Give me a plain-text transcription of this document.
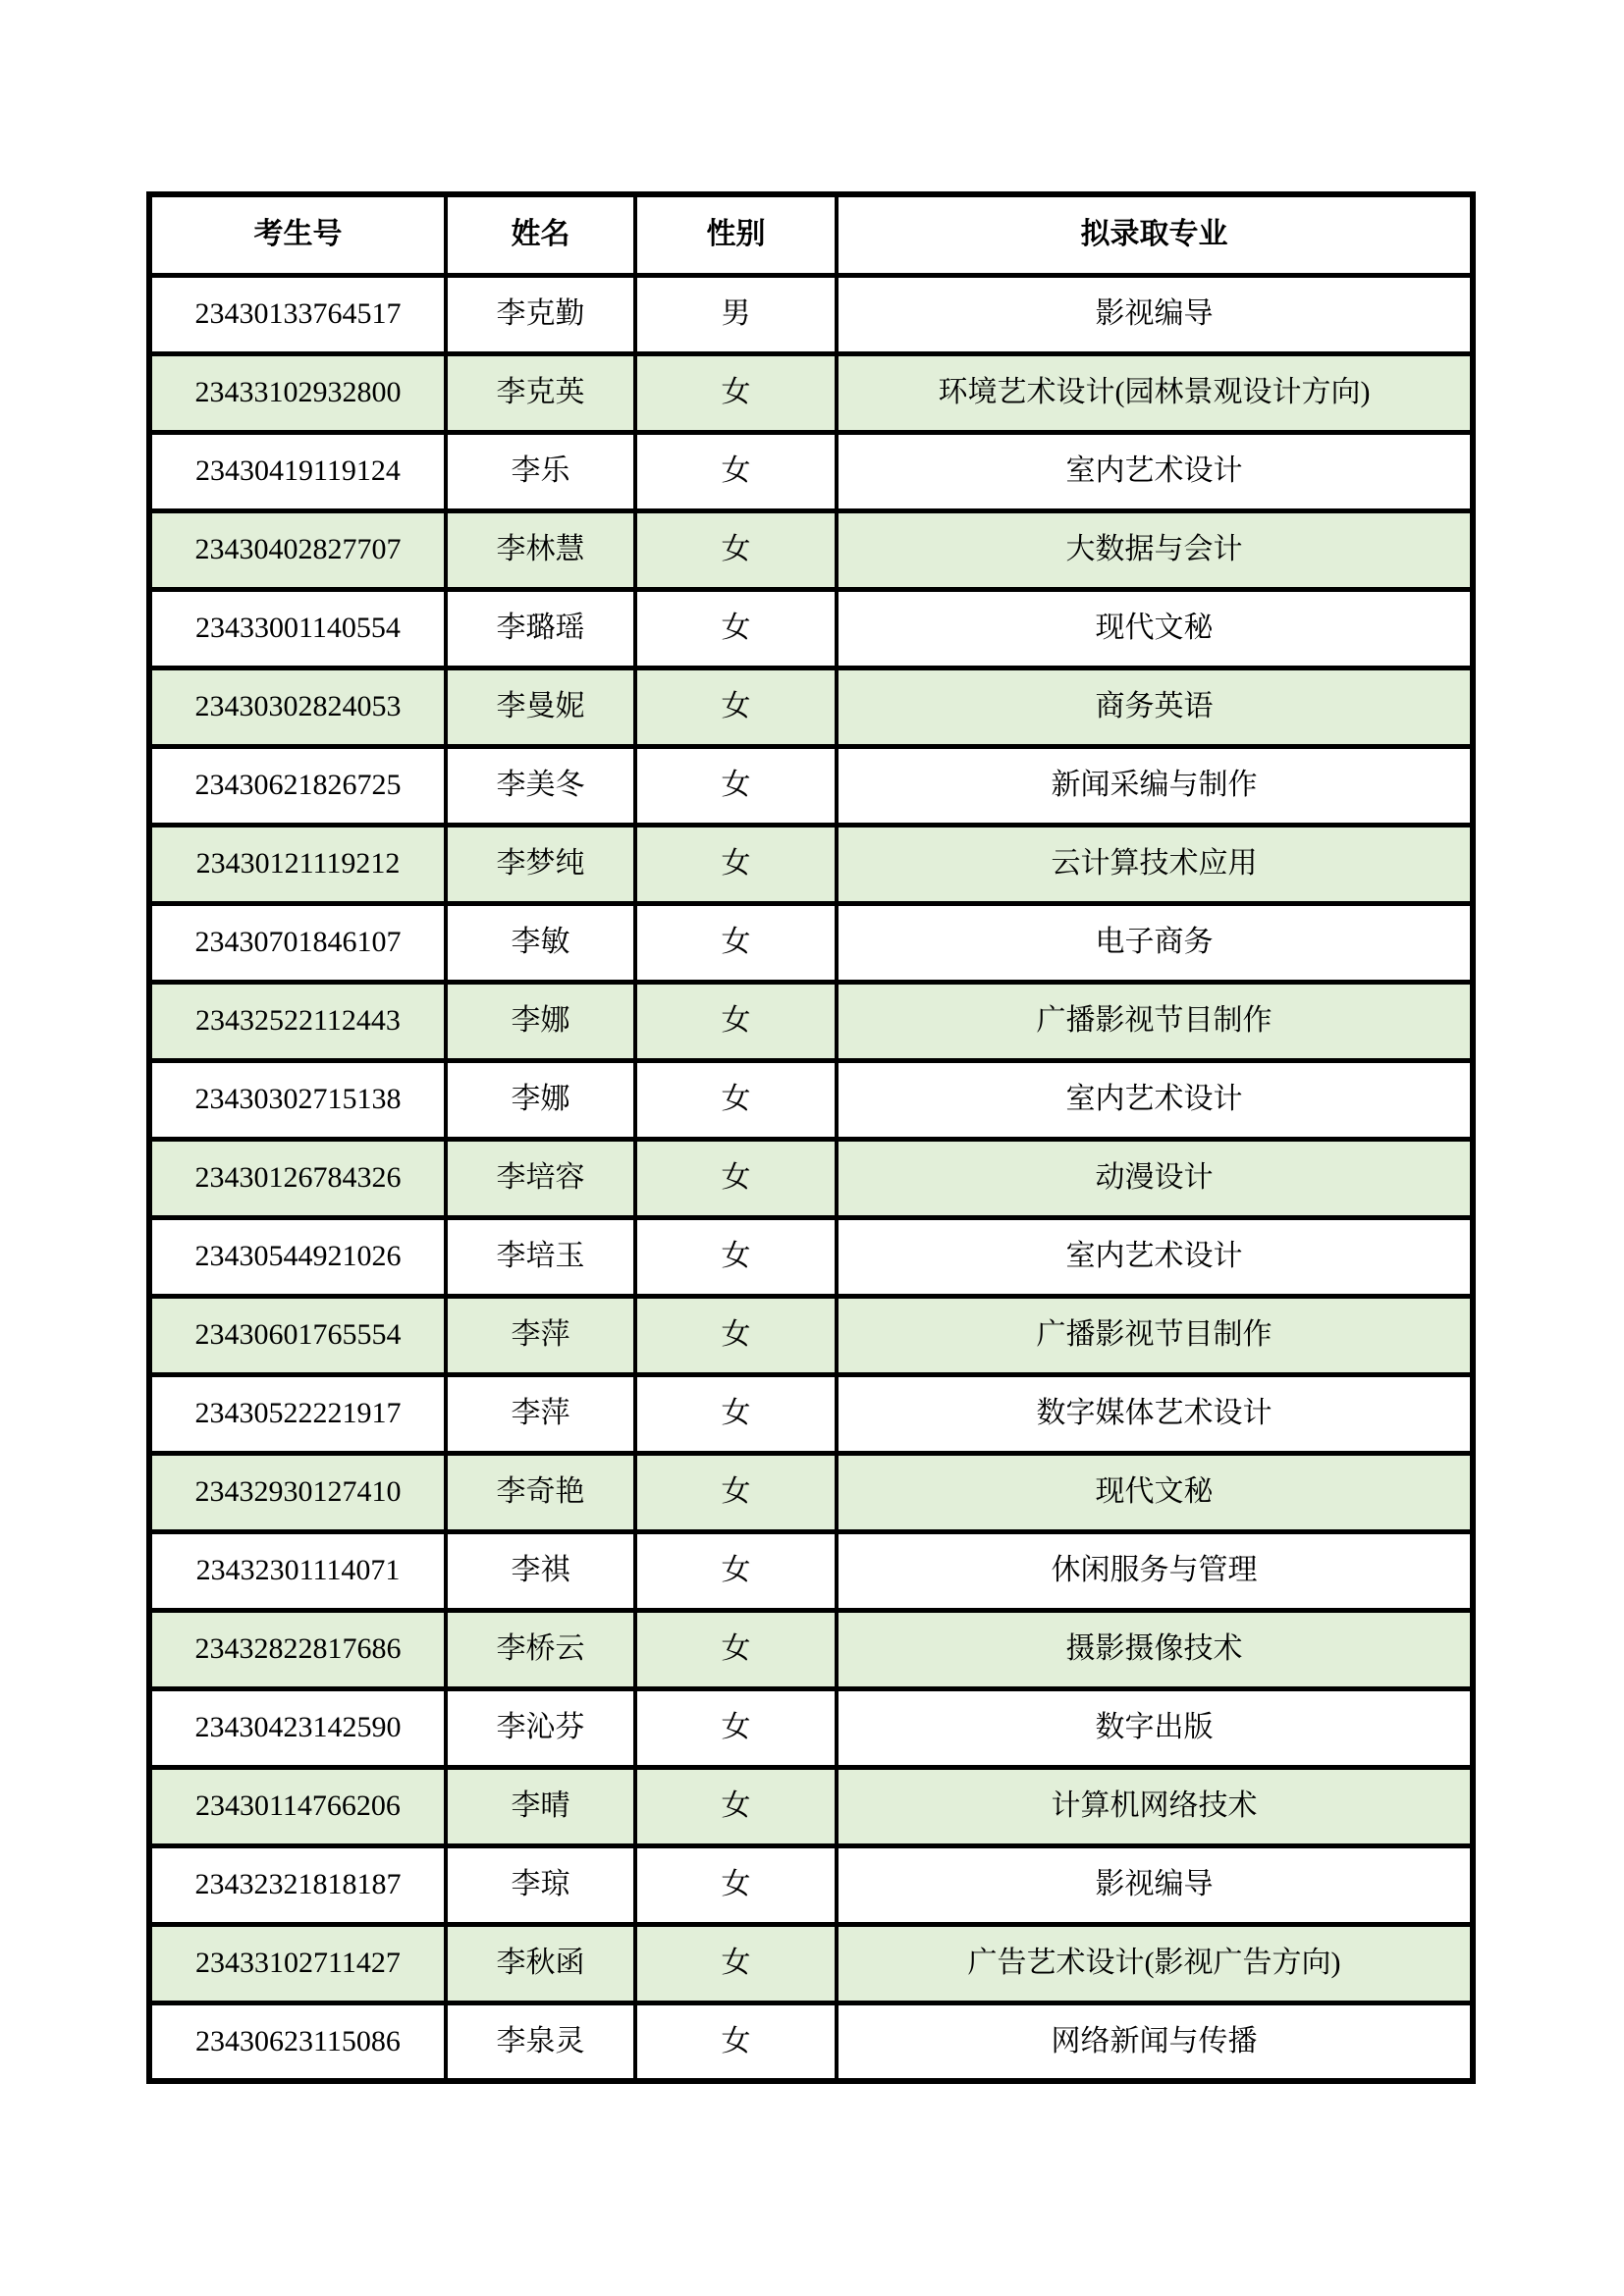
考生号	姓名	性别	拟录取专业
23430133764517	李克勤	男	影视编导
23433102932800	李克英	女	环境艺术设计(园林景观设计方向)
23430419119124	李乐	女	室内艺术设计
23430402827707	李林慧	女	大数据与会计
23433001140554	李璐瑶	女	现代文秘
23430302824053	李曼妮	女	商务英语
23430621826725	李美冬	女	新闻采编与制作
23430121119212	李梦纯	女	云计算技术应用
23430701846107	李敏	女	电子商务
23432522112443	李娜	女	广播影视节目制作
23430302715138	李娜	女	室内艺术设计
23430126784326	李培容	女	动漫设计
23430544921026	李培玉	女	室内艺术设计
23430601765554	李萍	女	广播影视节目制作
23430522221917	李萍	女	数字媒体艺术设计
23432930127410	李奇艳	女	现代文秘
23432301114071	李祺	女	休闲服务与管理
23432822817686	李桥云	女	摄影摄像技术
23430423142590	李沁芬	女	数字出版
23430114766206	李晴	女	计算机网络技术
23432321818187	李琼	女	影视编导
23433102711427	李秋函	女	广告艺术设计(影视广告方向)
23430623115086	李泉灵	女	网络新闻与传播
